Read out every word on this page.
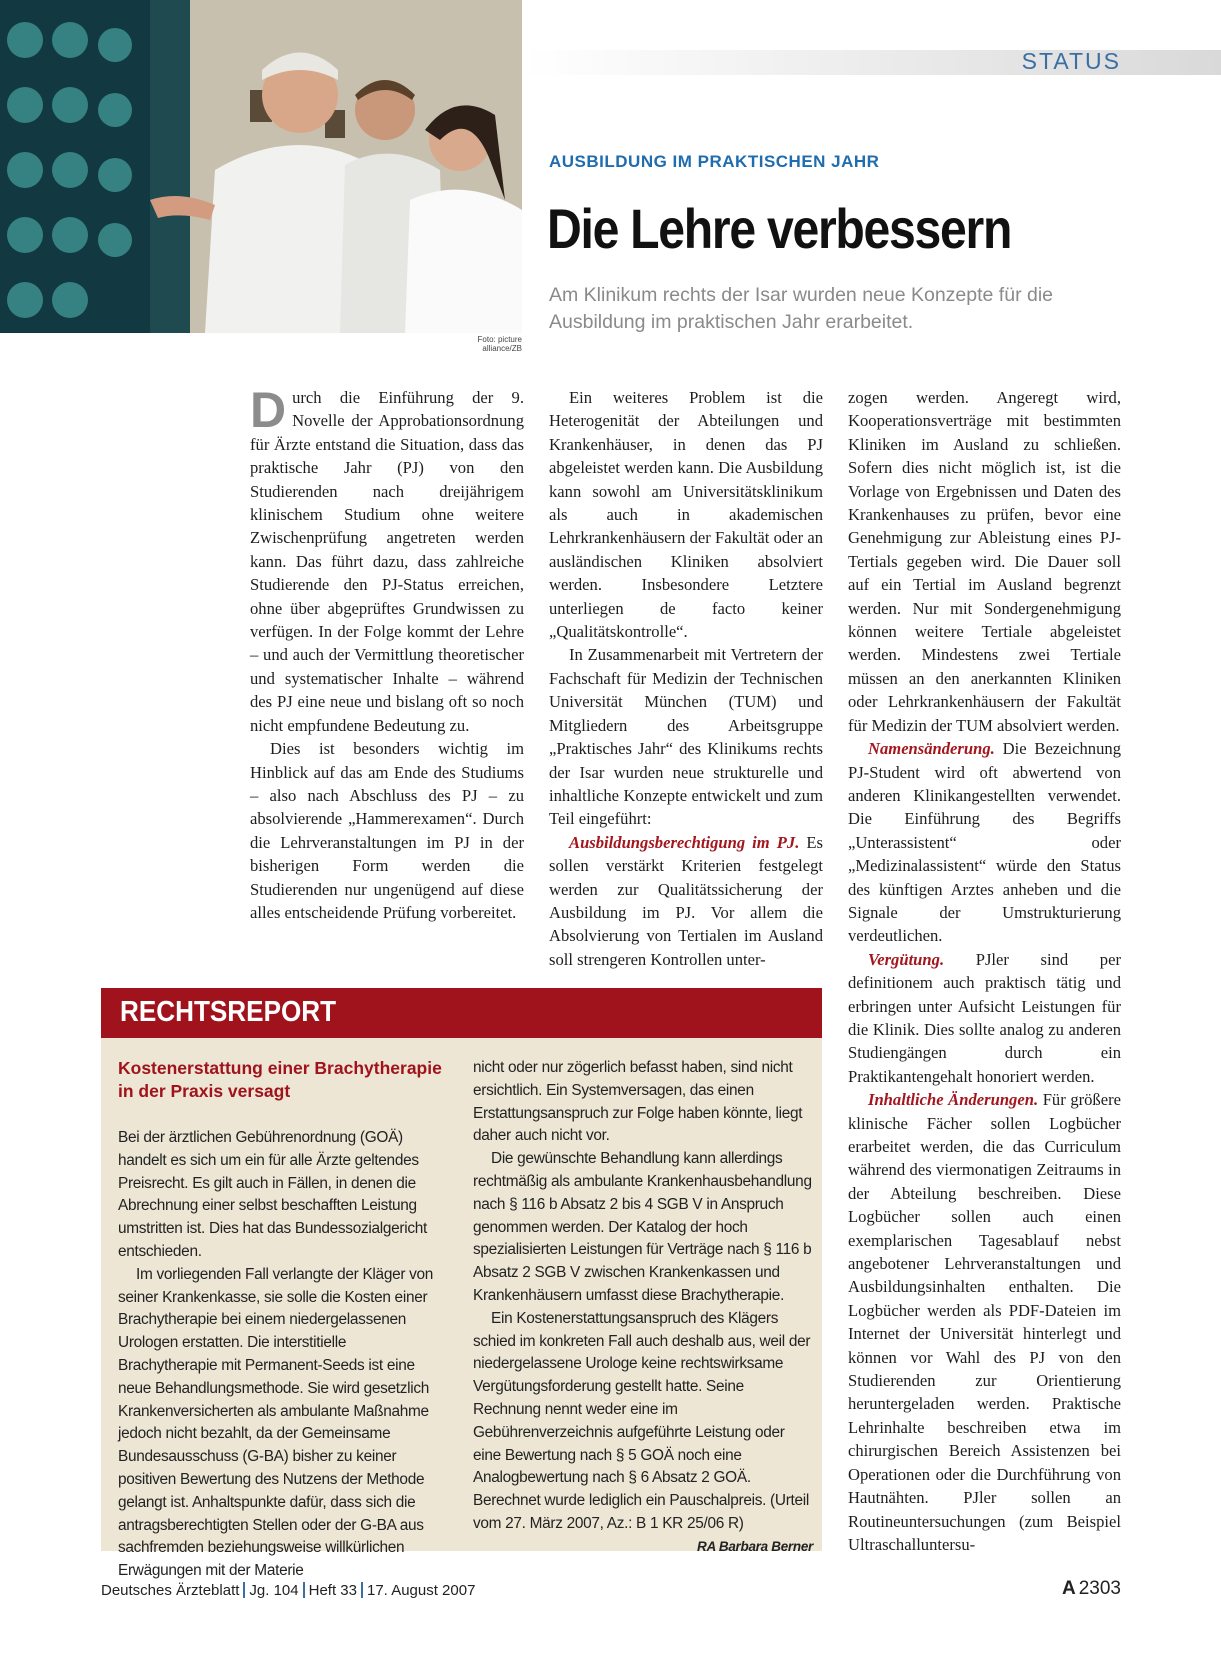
Foto: picture alliance/ZB
STATUS
AUSBILDUNG IM PRAKTISCHEN JAHR
Die Lehre verbessern
Am Klinikum rechts der Isar wurden neue Konzepte für die Ausbildung im praktischen Jahr erarbeitet.

Durch die Einführung der 9. Novelle der Approbationsordnung für Ärzte entstand die Situation, dass das praktische Jahr (PJ) von den Studierenden nach dreijährigem klinischem Studium ohne weitere Zwischenprüfung angetreten werden kann. Das führt dazu, dass zahlreiche Studierende den PJ-Status erreichen, ohne über abgeprüftes Grundwissen zu verfügen. In der Folge kommt der Lehre – und auch der Vermittlung theoretischer und systematischer Inhalte – während des PJ eine neue und bislang oft so noch nicht empfundene Bedeutung zu.

Dies ist besonders wichtig im Hinblick auf das am Ende des Studiums – also nach Abschluss des PJ – zu absolvierende „Hammerexamen“. Durch die Lehrveranstaltungen im PJ in der bisherigen Form werden die Studierenden nur ungenügend auf diese alles entscheidende Prüfung vorbereitet.

Ein weiteres Problem ist die Heterogenität der Abteilungen und Krankenhäuser, in denen das PJ abgeleistet werden kann. Die Ausbildung kann sowohl am Universitätsklinikum als auch in akademischen Lehrkrankenhäusern der Fakultät oder an ausländischen Kliniken absolviert werden. Insbesondere Letztere unterliegen de facto keiner „Qualitätskontrolle“.

In Zusammenarbeit mit Vertretern der Fachschaft für Medizin der Technischen Universität München (TUM) und Mitgliedern des Arbeitsgruppe „Praktisches Jahr“ des Klinikums rechts der Isar wurden neue strukturelle und inhaltliche Konzepte entwickelt und zum Teil eingeführt:

Ausbildungsberechtigung im PJ. Es sollen verstärkt Kriterien festgelegt werden zur Qualitätssicherung der Ausbildung im PJ. Vor allem die Absolvierung von Tertialen im Ausland soll strengeren Kontrollen unter-

zogen werden. Angeregt wird, Kooperationsverträge mit bestimmten Kliniken im Ausland zu schließen. Sofern dies nicht möglich ist, ist die Vorlage von Ergebnissen und Daten des Krankenhauses zu prüfen, bevor eine Genehmigung zur Ableistung eines PJ-Tertials gegeben wird. Die Dauer soll auf ein Tertial im Ausland begrenzt werden. Nur mit Sondergenehmigung können weitere Tertiale abgeleistet werden. Mindestens zwei Tertiale müssen an den anerkannten Kliniken oder Lehrkrankenhäusern der Fakultät für Medizin der TUM absolviert werden.

Namensänderung. Die Bezeichnung PJ-Student wird oft abwertend von anderen Klinikangestellten verwendet. Die Einführung des Begriffs „Unterassistent“ oder „Medizinalassistent“ würde den Status des künftigen Arztes anheben und die Signale der Umstrukturierung verdeutlichen.

Vergütung. PJler sind per definitionem auch praktisch tätig und erbringen unter Aufsicht Leistungen für die Klinik. Dies sollte analog zu anderen Studiengängen durch ein Praktikantengehalt honoriert werden.

Inhaltliche Änderungen. Für größere klinische Fächer sollen Logbücher erarbeitet werden, die das Curriculum während des viermonatigen Zeitraums in der Abteilung beschreiben. Diese Logbücher sollen auch einen exemplarischen Tagesablauf nebst angebotener Lehrveranstaltungen und Ausbildungsinhalten enthalten. Die Logbücher werden als PDF-Dateien im Internet der Universität hinterlegt und können vor Wahl des PJ von den Studierenden zur Orientierung heruntergeladen werden. Praktische Lehrinhalte beschreiben etwa im chirurgischen Bereich Assistenzen bei Operationen oder die Durchführung von Hautnähten. PJler sollen an Routineuntersuchungen (zum Beispiel Ultraschalluntersu-

RECHTSREPORT
Kostenerstattung einer Brachytherapie in der Praxis versagt

Bei der ärztlichen Gebührenordnung (GOÄ) handelt es sich um ein für alle Ärzte geltendes Preisrecht. Es gilt auch in Fällen, in denen die Abrechnung einer selbst beschafften Leistung umstritten ist. Dies hat das Bundessozialgericht entschieden.

Im vorliegenden Fall verlangte der Kläger von seiner Krankenkasse, sie solle die Kosten einer Brachytherapie bei einem niedergelassenen Urologen erstatten. Die interstitielle Brachytherapie mit Permanent-Seeds ist eine neue Behandlungsmethode. Sie wird gesetzlich Krankenversicherten als ambulante Maßnahme jedoch nicht bezahlt, da der Gemeinsame Bundesausschuss (G-BA) bisher zu keiner positiven Bewertung des Nutzens der Methode gelangt ist. Anhaltspunkte dafür, dass sich die antragsberechtigten Stellen oder der G-BA aus sachfremden beziehungsweise willkürlichen Erwägungen mit der Materie

nicht oder nur zögerlich befasst haben, sind nicht ersichtlich. Ein Systemversagen, das einen Erstattungsanspruch zur Folge haben könnte, liegt daher auch nicht vor.

Die gewünschte Behandlung kann allerdings rechtmäßig als ambulante Krankenhausbehandlung nach § 116 b Absatz 2 bis 4 SGB V in Anspruch genommen werden. Der Katalog der hoch spezialisierten Leistungen für Verträge nach § 116 b Absatz 2 SGB V zwischen Krankenkassen und Krankenhäusern umfasst diese Brachytherapie.

Ein Kostenerstattungsanspruch des Klägers schied im konkreten Fall auch deshalb aus, weil der niedergelassene Urologe keine rechtswirksame Vergütungsforderung gestellt hatte. Seine Rechnung nennt weder eine im Gebührenverzeichnis aufgeführte Leistung oder eine Bewertung nach § 5 GOÄ noch eine Analogbewertung nach § 6 Absatz 2 GOÄ. Berechnet wurde lediglich ein Pauschalpreis. (Urteil vom 27. März 2007, Az.: B 1 KR 25/06 R)
RA Barbara Berner

Deutsches Ärzteblatt Jg. 104 Heft 33 17. August 2007	A 2303
